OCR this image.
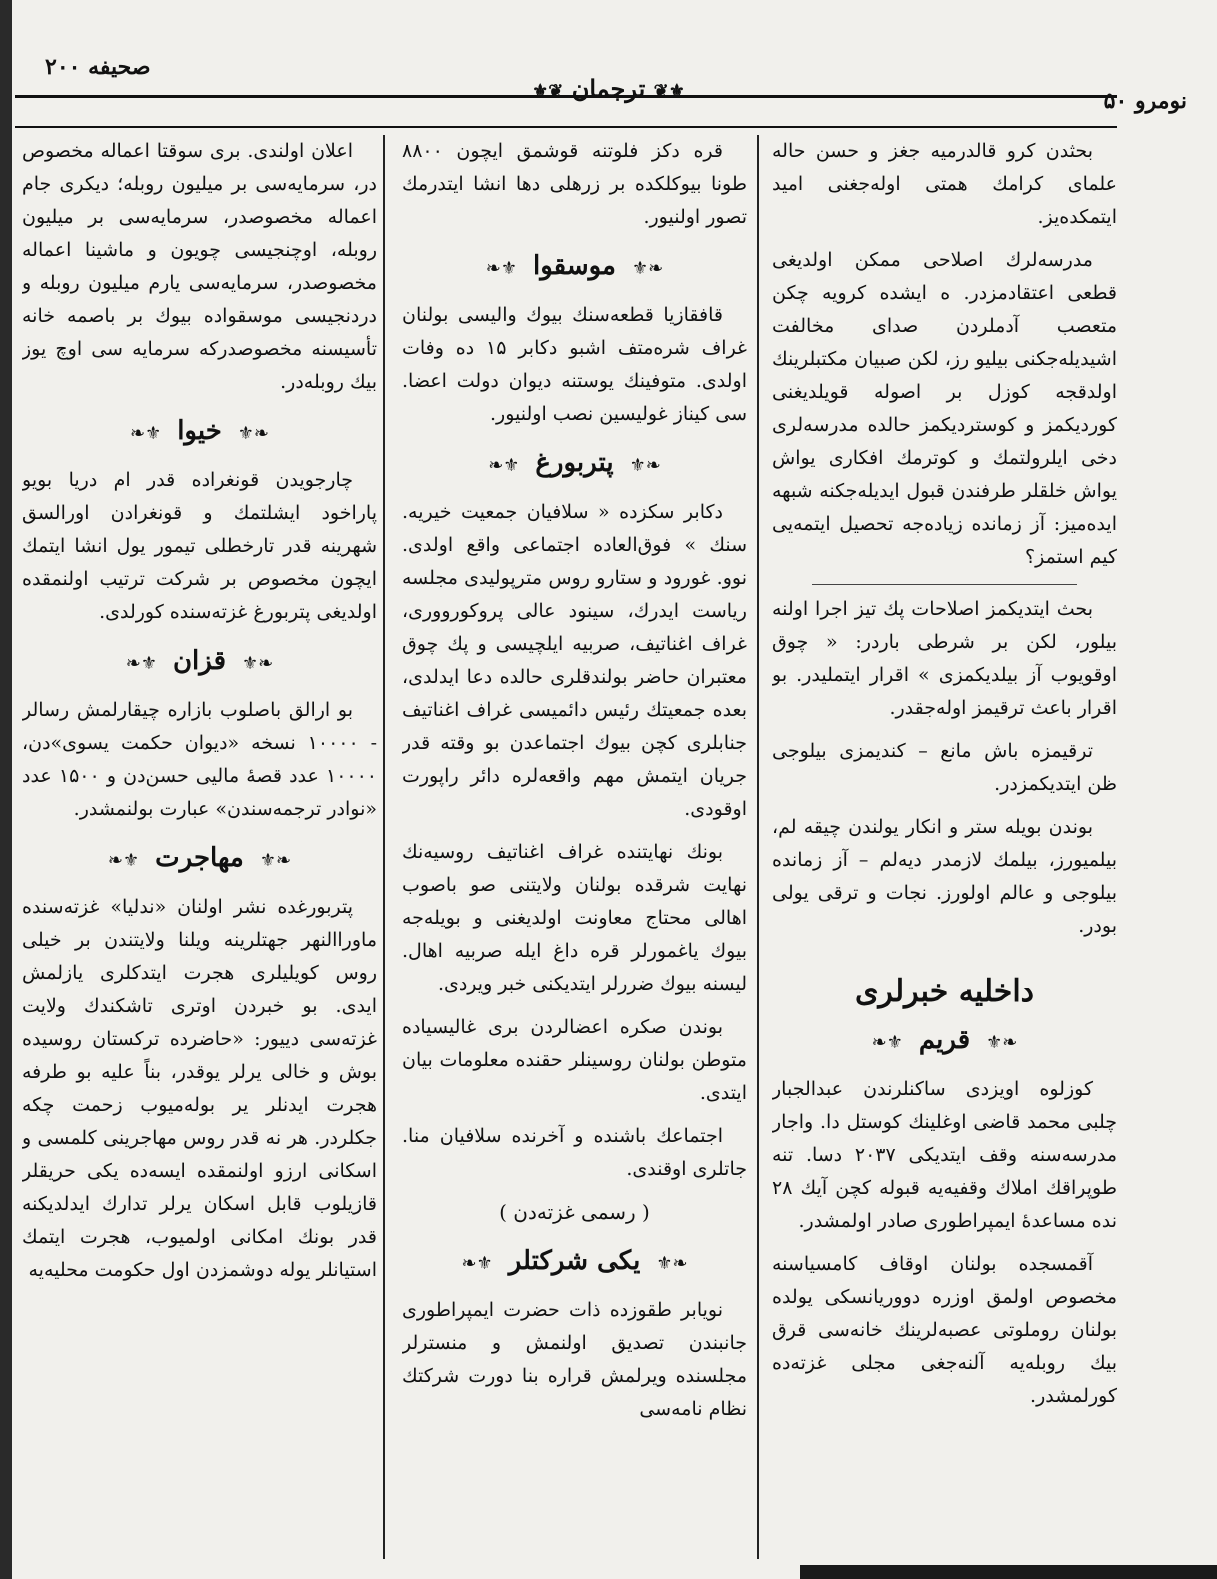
صحیفه ۲۰۰
⚜❦ ترجمان ❦⚜	نومرو ۵۰

بحثدن کرو قالدرمیه جغز و حسن حاله علمای کرامك همتی اوله‌جغنی امید ایتمکده‌یز.

مدرسه‌لرك اصلاحی ممکن اولدیغی قطعی اعتقادمزدر. ه ایشده کرویه چکن متعصب آدملردن صدای مخالفت اشیدیله‌جکنی بیلیو رز، لکن صبیان مکتبلرینك اولدقجه کوزل بر اصوله قویلدیغنی کوردیکمز و کوستردیکمز حالده مدرسه‌لری دخی ایلرولتمك و کوترمك افکاری یواش یواش خلقلر طرفندن قبول ایدیله‌جکنه شبهه ایده‌میز: آز زمانده زیاده‌جه تحصیل ایتمه‌یی کیم استمز؟

بحث ایتدیکمز اصلاحات پك تیز اجرا اولنه بیلور، لکن بر شرطی باردر: « چوق اوقویوب آز بیلدیکمزی » اقرار ایتملیدر. بو اقرار باعث ترقیمز اوله‌جقدر.

ترقیمزه باش مانع – کندیمزی بیلوجی ظن ایتدیکمزدر.

بوندن بویله ستر و انکار یولندن چیقه لم، بیلمیورز، بیلمك لازمدر دیه‌لم – آز زمانده بیلوجی و عالم اولورز. نجات و ترقی یولی بودر.

داخلیه خبرلری
❧⚜قریم⚜❧

کوزلوه اویزدی ساکنلرندن عبدالجبار چلبی محمد قاضی اوغلینك کوستل دا. واجار مدرسه‌سنه وقف ایتدیکی ۲۰۳۷ دسا. تنه طوپراقك املاك وقفیه‌یه قبوله کچن آیك ۲۸ نده مساعدهٔ ایمپراطوری صادر اولمشدر.

آقمسجده بولنان اوقاف کامسیاسنه مخصوص اولمق اوزره دووریانسکی یولده بولنان روملوتی عصبه‌لرینك خانه‌سی قرق بیك روبله‌یه آلنه‌جغی مجلی غزته‌ده کورلمشدر.

قره دکز فلوتنه قوشمق ایچون ۸۸۰۰ طونا بیوکلکده بر زرهلی دها انشا ایتدرمك تصور اولنیور.

❧⚜موسقوا⚜❧

قافقازیا قطعه‌سنك بیوك والیسی بولنان غراف شره‌متف اشبو دکابر ۱۵ ده وفات اولدی. متوفینك یوستنه دیوان دولت اعضا. سی کیناز غولیسین نصب اولنیور.

❧⚜پتربورغ⚜❧

دکابر سکزده « سلافیان جمعیت خیریه. سنك » فوق‌العاده اجتماعی واقع اولدی. نوو. غورود و ستارو روس مترپولیدی مجلسه ریاست ایدرك، سینود عالی پروکورووری، غراف اغناتیف، صربیه ایلچیسی و پك چوق معتبران حاضر بولندقلری حالده دعا ایدلدی، بعده جمعیتك رئیس دائمیسی غراف اغناتیف جنابلری کچن بیوك اجتماعدن بو وقته قدر جریان ایتمش مهم واقعه‌لره دائر راپورت اوقودی.

بونك نهایتنده غراف اغناتیف روسیه‌نك نهایت شرقده بولنان ولایتنی صو باصوب اهالی محتاج معاونت اولدیغنی و بویله‌جه بیوك یاغمورلر قره داغ ایله صربیه اهال. لیسنه بیوك ضررلر ایتدیکنی خبر ویردی.

بوندن صکره اعضالردن بری غالیسیاده متوطن بولنان روسینلر حقنده معلومات بیان ایتدی.

اجتماعك باشنده و آخرنده سلافیان منا. جاتلری اوقندی.

( رسمی غزته‌دن )
❧⚜یکی شرکتلر⚜❧

نویابر طقوزده ذات حضرت ایمپراطوری جانبندن تصدیق اولنمش و منسترلر مجلسنده ویرلمش قراره بنا دورت شرکتك نظام نامه‌سی

اعلان اولندی. بری سوقتا اعماله مخصوص در، سرمایه‌سی بر میلیون روبله؛ دیکری جام اعماله مخصوصدر، سرمایه‌سی بر میلیون روبله، اوچنجیسی چویون و ماشینا اعماله مخصوصدر، سرمایه‌سی یارم میلیون روبله و دردنجیسی موسقواده بیوك بر باصمه خانه تأسیسنه مخصوصدرکه سرمایه سی اوچ یوز بیك روبله‌در.

❧⚜خیوا⚜❧

چارجویدن قونغراده قدر ام دریا بویو پاراخود ایشلتمك و قونغرادن اورالسق شهرینه قدر تارخطلی تیمور یول انشا ایتمك ایچون مخصوص بر شرکت ترتیب اولنمقده اولدیغی پتربورغ غزته‌سنده کورلدی.

❧⚜قزان⚜❧

بو ارالق باصلوب بازاره چیقارلمش رسالر - ۱۰۰۰۰ نسخه «دیوان حکمت یسوی»دن، ۱۰۰۰۰ عدد قصهٔ مالیی حسن‌دن و ۱۵۰۰ عدد «نوادر ترجمه‌سندن» عبارت بولنمشدر.

❧⚜مهاجرت⚜❧

پتربورغده نشر اولنان «ندلیا» غزته‌سنده ماوراالنهر جهتلرینه ویلنا ولایتندن بر خیلی روس کویلیلری هجرت ایتدکلری یازلمش ایدی. بو خبردن اوتری تاشکندك ولایت غزته‌سی دییور: «حاضرده ترکستان روسیده بوش و خالی یرلر یوقدر، بناً علیه بو طرفه هجرت ایدنلر یر بوله‌میوب زحمت چکه جکلردر. هر نه قدر روس مهاجرینی کلمسی و اسکانی ارزو اولنمقده ایسه‌ده یکی حریقلر قازیلوب قابل اسکان یرلر تدارك ایدلدیکنه قدر بونك امکانی اولمیوب، هجرت ایتمك استیانلر یوله دوشمزدن اول حکومت محلیه‌یه
